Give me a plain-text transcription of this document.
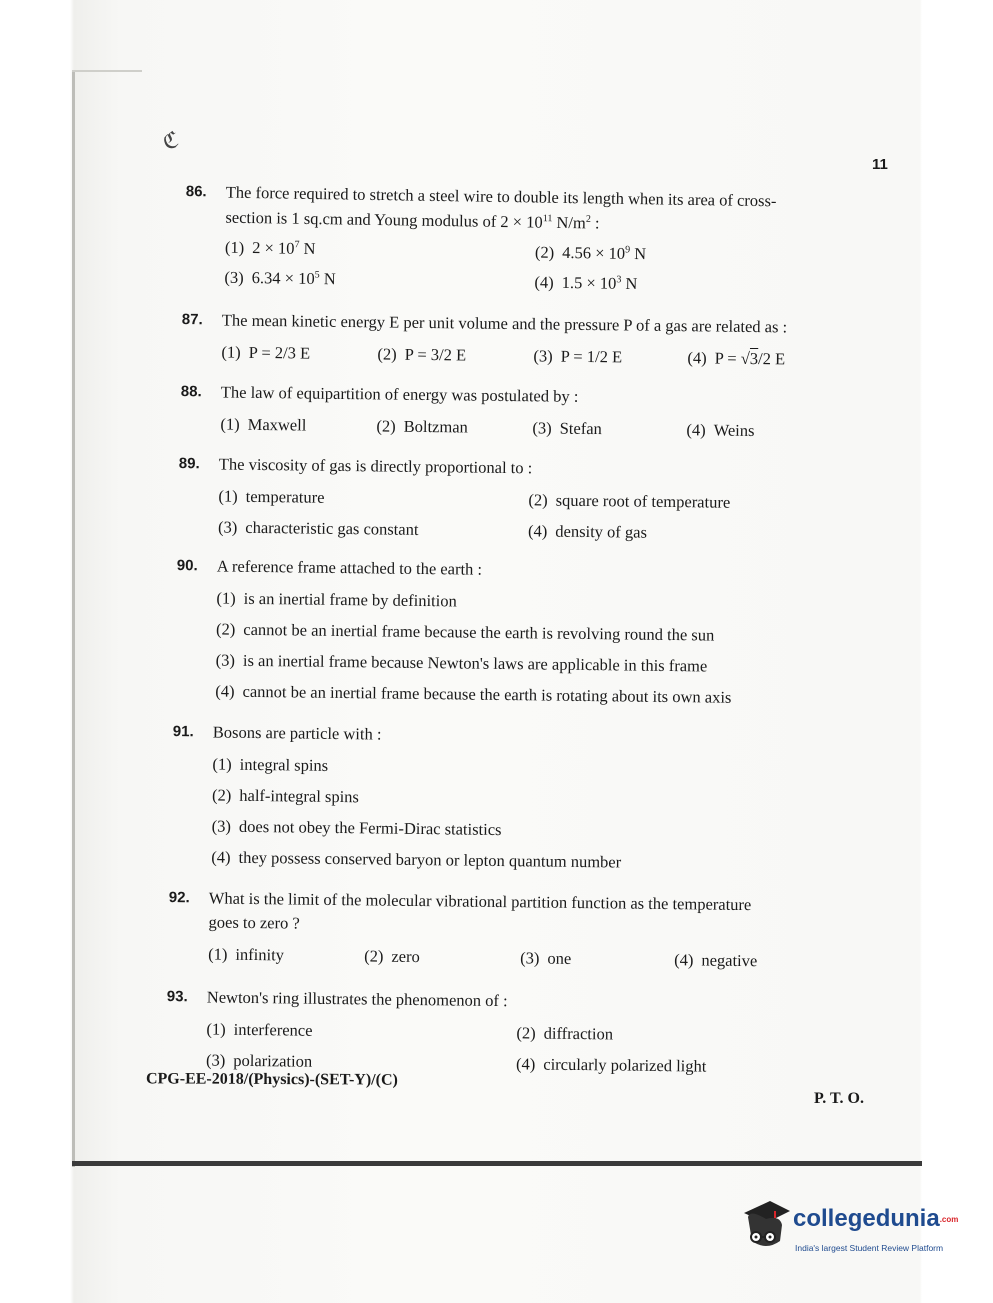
ℭ
11
86. The force required to stretch a steel wire to double its length when its area of cross-
section is 1 sq.cm and Young modulus of $2 \times 10^{11}$ $N/m^2$ :
(1) $2 \times 10^7$ N	(2) $4.56 \times 10^9$ N
(3) $6.34 \times 10^5$ N	(4) $1.5 \times 10^3$ N
87. The mean kinetic energy E per unit volume and the pressure P of a gas are related as :
(1) P = 2/3 E	(2) P = 3/2 E	(3) P = 1/2 E	(4) P = √3/2 E
88. The law of equipartition of energy was postulated by :
(1) Maxwell	(2) Boltzman	(3) Stefan	(4) Weins
89. The viscosity of gas is directly proportional to :
(1) temperature	(2) square root of temperature
(3) characteristic gas constant	(4) density of gas
90. A reference frame attached to the earth :
(1) is an inertial frame by definition
(2) cannot be an inertial frame because the earth is revolving round the sun
(3) is an inertial frame because Newton's laws are applicable in this frame
(4) cannot be an inertial frame because the earth is rotating about its own axis
91. Bosons are particle with :
(1) integral spins
(2) half-integral spins
(3) does not obey the Fermi-Dirac statistics
(4) they possess conserved baryon or lepton quantum number
92. What is the limit of the molecular vibrational partition function as the temperature
goes to zero ?
(1) infinity	(2) zero	(3) one	(4) negative
93. Newton's ring illustrates the phenomenon of :
(1) interference	(2) diffraction
(3) polarization	(4) circularly polarized light
CPG-EE-2018/(Physics)-(SET-Y)/(C)
P. T. O.
collegedunia.com
India's largest Student Review Platform
